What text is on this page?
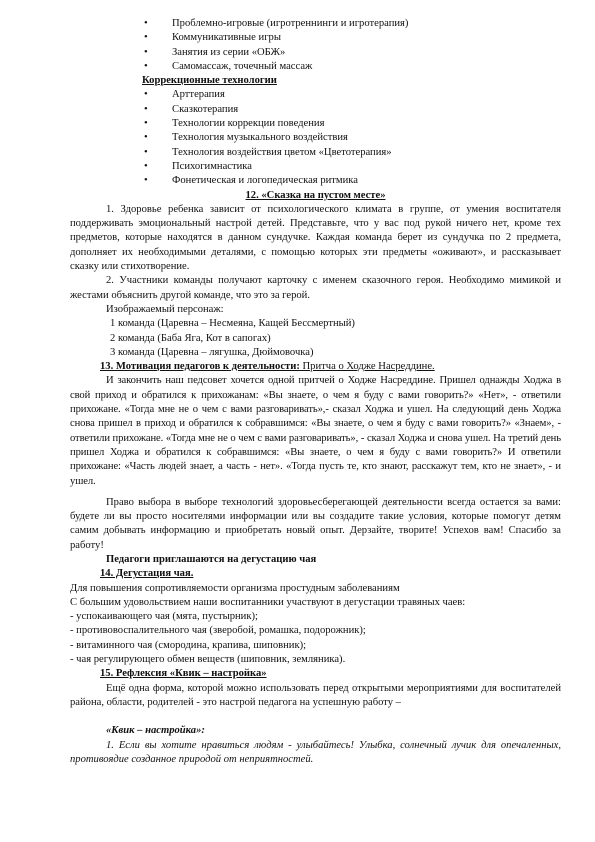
• Проблемно-игровые (игротреннинги и игротерапия)
• Коммуникативные игры
• Занятия из серии «ОБЖ»
• Самомассаж, точечный массаж
Коррекционные технологии
• Арттерапия
• Сказкотерапия
• Технологии коррекции поведения
• Технология музыкального воздействия
• Технология воздействия цветом «Цветотерапия»
• Психогимнастика
• Фонетическая и логопедическая ритмика
12. «Сказка на пустом месте»

1. Здоровье ребенка зависит от психологического климата в группе, от умения воспитателя поддерживать эмоциональный настрой детей. Представьте, что у вас под рукой ничего нет, кроме тех предметов, которые находятся в данном сундучке. Каждая команда берет из сундучка по 2 предмета, дополняет их необходимыми деталями, с помощью которых эти предметы «оживают», и рассказывает сказку или стихотворение.

2. Участники команды получают карточку с именем сказочного героя. Необходимо мимикой и жестами объяснить другой команде, что это за герой.

Изображаемый персонаж:
1 команда (Царевна – Несмеяна, Кащей Бессмертный)
2 команда (Баба Яга, Кот в сапогах)
3 команда (Царевна – лягушка, Дюймовочка)
13. Мотивация педагогов к деятельности: Притча о Ходже Насреддине.

И закончить наш педсовет хочется одной притчей о Ходже Насреддине. Пришел однажды Ходжа в свой приход и обратился к прихожанам: «Вы знаете, о чем я буду с вами говорить?» «Нет», - ответили прихожане. «Тогда мне не о чем с вами разговаривать»,- сказал Ходжа и ушел. На следующий день Ходжа снова пришел в приход и обратился к собравшимся: «Вы знаете, о чем я буду с вами говорить?» «Знаем», - ответили прихожане. «Тогда мне не о чем с вами разговаривать», - сказал Ходжа и снова ушел. На третий день пришел Ходжа и обратился к собравшимся: «Вы знаете, о чем я буду с вами говорить?» И ответили прихожане: «Часть людей знает, а часть - нет». «Тогда пусть те, кто знают, расскажут тем, кто не знает», - и ушел.

Право выбора в выборе технологий здоровьесберегающей деятельности всегда остается за вами: будете ли вы просто носителями информации или вы создадите такие условия, которые помогут детям самим добывать информацию и приобретать новый опыт. Дерзайте, творите! Успехов вам! Спасибо за работу!

Педагоги приглашаются на дегустацию чая
14. Дегустация чая.
Для повышения сопротивляемости организма простудным заболеваниям
С большим удовольствием наши воспитанники участвуют в дегустации травяных чаев:
- успокаивающего чая (мята, пустырник);
- противовоспалительного чая (зверобой, ромашка, подорожник);
- витаминного чая (смородина, крапива, шиповник);
- чая регулирующего обмен веществ (шиповник, земляника).
15. Рефлексия «Квик – настройка»

Ещё одна форма, которой можно использовать перед открытыми мероприятиями для воспитателей района, области, родителей - это настрой педагога на успешную работу –

«Квик – настройка»:

1. Если вы хотите нравиться людям - улыбайтесь! Улыбка, солнечный лучик для опечаленных, противоядие созданное природой от неприятностей.
